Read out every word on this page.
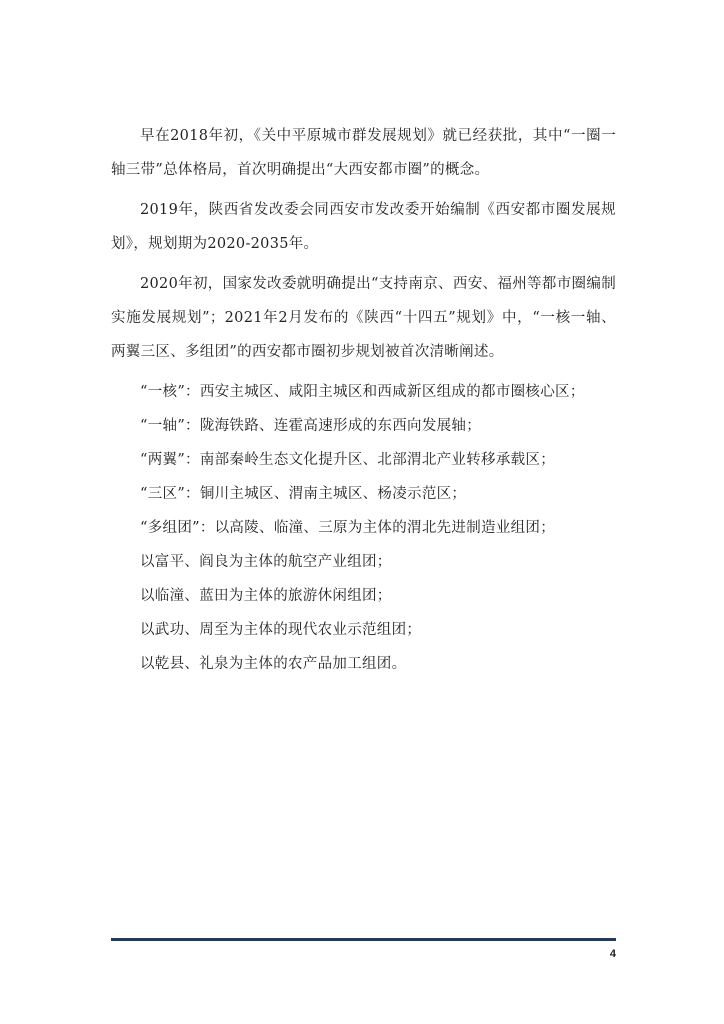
早在2018年初，《关中平原城市群发展规划》就已经获批，其中“一圈一轴三带”总体格局，首次明确提出“大西安都市圈”的概念。

2019年，陕西省发改委会同西安市发改委开始编制《西安都市圈发展规划》，规划期为2020-2035年。

2020年初，国家发改委就明确提出“支持南京、西安、福州等都市圈编制实施发展规划”；2021年2月发布的《陕西“十四五”规划》中，“一核一轴、两翼三区、多组团”的西安都市圈初步规划被首次清晰阐述。

“一核”：西安主城区、咸阳主城区和西咸新区组成的都市圈核心区；

“一轴”：陇海铁路、连霍高速形成的东西向发展轴；

“两翼”：南部秦岭生态文化提升区、北部渭北产业转移承载区；

“三区”：铜川主城区、渭南主城区、杨凌示范区；

“多组团”：以高陵、临潼、三原为主体的渭北先进制造业组团；

以富平、阎良为主体的航空产业组团；

以临潼、蓝田为主体的旅游休闲组团；

以武功、周至为主体的现代农业示范组团；

以乾县、礼泉为主体的农产品加工组团。

4
